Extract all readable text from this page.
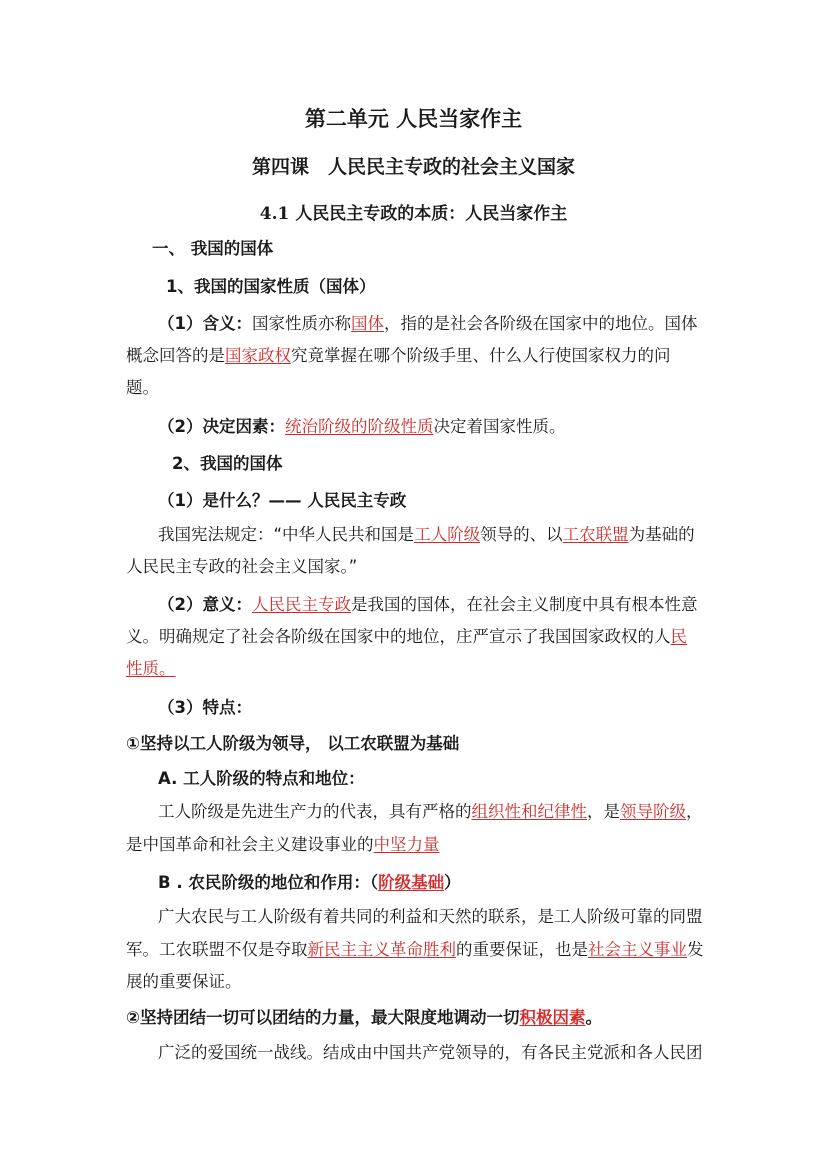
第二单元 人民当家作主
第四课　人民民主专政的社会主义国家
4.1 人民民主专政的本质：人民当家作主
一、 我国的国体
1、我国的国家性质（国体）
（1）含义：国家性质亦称国体，指的是社会各阶级在国家中的地位。国体
概念回答的是国家政权究竟掌握在哪个阶级手里、什么人行使国家权力的问
题。
（2）决定因素：统治阶级的阶级性质决定着国家性质。
2、我国的国体
（1）是什么？—— 人民民主专政
我国宪法规定：“中华人民共和国是工人阶级领导的、以工农联盟为基础的
人民民主专政的社会主义国家。”
（2）意义：人民民主专政是我国的国体，在社会主义制度中具有根本性意
义。明确规定了社会各阶级在国家中的地位，庄严宣示了我国国家政权的人民
性质。
（3）特点：
①坚持以工人阶级为领导， 以工农联盟为基础
A. 工人阶级的特点和地位：
工人阶级是先进生产力的代表，具有严格的组织性和纪律性，是领导阶级，
是中国革命和社会主义建设事业的中坚力量
B . 农民阶级的地位和作用：（阶级基础）
广大农民与工人阶级有着共同的利益和天然的联系，是工人阶级可靠的同盟
军。工农联盟不仅是夺取新民主主义革命胜利的重要保证，也是社会主义事业发
展的重要保证。
②坚持团结一切可以团结的力量，最大限度地调动一切积极因素。
广泛的爱国统一战线。结成由中国共产党领导的，有各民主党派和各人民团
